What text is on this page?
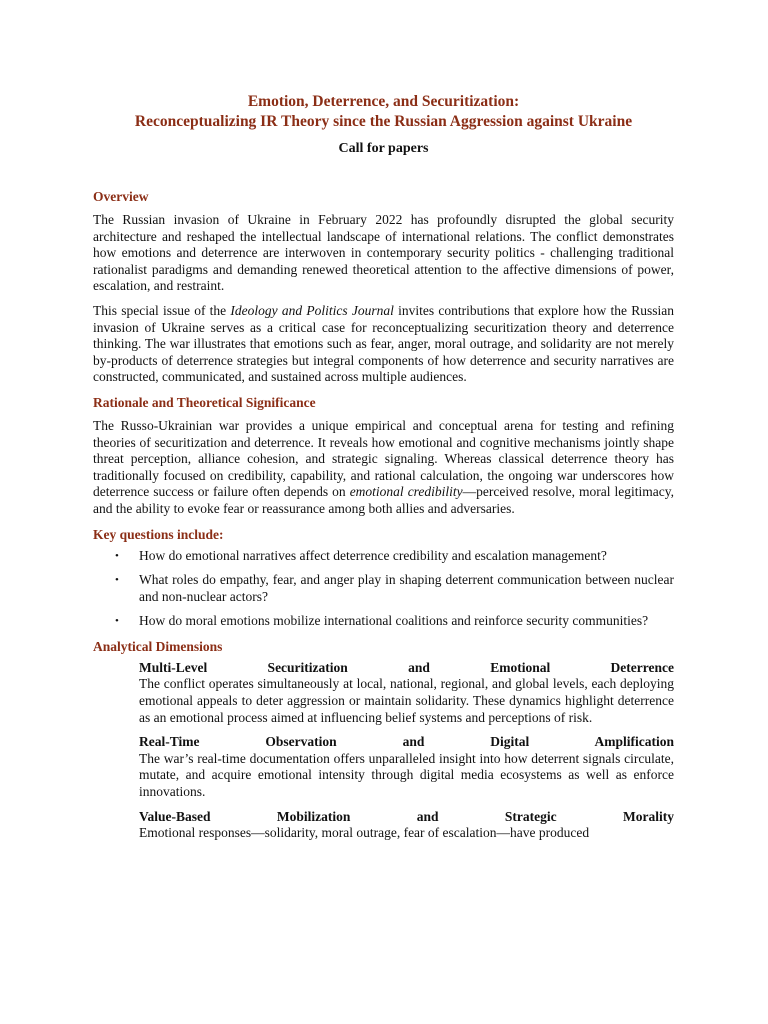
Emotion, Deterrence, and Securitization:

Reconceptualizing IR Theory since the Russian Aggression against Ukraine

Call for papers

Overview

The Russian invasion of Ukraine in February 2022 has profoundly disrupted the global security architecture and reshaped the intellectual landscape of international relations. The conflict demonstrates how emotions and deterrence are interwoven in contemporary security politics - challenging traditional rationalist paradigms and demanding renewed theoretical attention to the affective dimensions of power, escalation, and restraint.

This special issue of the Ideology and Politics Journal invites contributions that explore how the Russian invasion of Ukraine serves as a critical case for reconceptualizing securitization theory and deterrence thinking. The war illustrates that emotions such as fear, anger, moral outrage, and solidarity are not merely by-products of deterrence strategies but integral components of how deterrence and security narratives are constructed, communicated, and sustained across multiple audiences.

Rationale and Theoretical Significance

The Russo-Ukrainian war provides a unique empirical and conceptual arena for testing and refining theories of securitization and deterrence. It reveals how emotional and cognitive mechanisms jointly shape threat perception, alliance cohesion, and strategic signaling. Whereas classical deterrence theory has traditionally focused on credibility, capability, and rational calculation, the ongoing war underscores how deterrence success or failure often depends on emotional credibility—perceived resolve, moral legitimacy, and the ability to evoke fear or reassurance among both allies and adversaries.

Key questions include:

• How do emotional narratives affect deterrence credibility and escalation management?
• What roles do empathy, fear, and anger play in shaping deterrent communication between nuclear and non-nuclear actors?
• How do moral emotions mobilize international coalitions and reinforce security communities?

Analytical Dimensions

Multi-Level Securitization and Emotional Deterrence

The conflict operates simultaneously at local, national, regional, and global levels, each deploying emotional appeals to deter aggression or maintain solidarity. These dynamics highlight deterrence as an emotional process aimed at influencing belief systems and perceptions of risk.

Real-Time Observation and Digital Amplification

The war’s real-time documentation offers unparalleled insight into how deterrent signals circulate, mutate, and acquire emotional intensity through digital media ecosystems as well as enforce innovations.

Value-Based Mobilization and Strategic Morality

Emotional responses—solidarity, moral outrage, fear of escalation—have produced
